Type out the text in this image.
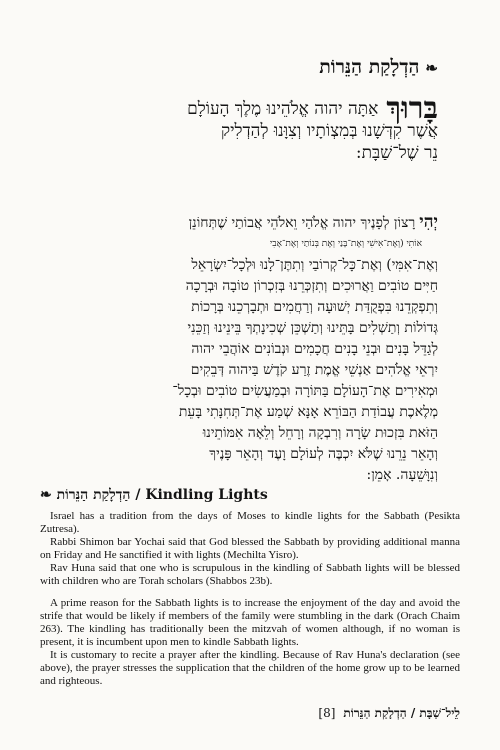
❧הַדְלָקַת הַנֵּרוֹת
בָּרוּךְאַתָּה יהוה אֱלֹהֵינוּ מֶלֶךְ הָעוֹלָם
אֲשֶׁר קִדְּשָׁנוּ בְּמִצְוֹתָיו וְצִוָּנוּ לְהַדְלִיק
נֵר שֶׁל־שַׁבָּת:
יְהִירָצוֹן לְפָנֶיךָ יהוה אֱלֹהַי וֵאלֹהֵי אֲבוֹתַי שֶׁתְּחוֹנֵן
אוֹתִי (וְאֶת־אִישִׁי וְאֶת־בָּנַי וְאֶת בְּנוֹתַי וְאֶת־אָבִי
וְאֶת־אִמִּי) וְאֶת־כָּל־קְרוֹבַי וְתִתֶּן־לָנוּ וּלְכָל־יִשְׂרָאֵל
חַיִּים טוֹבִים וַאֲרוּכִים וְתִזְכְּרֵנוּ בְּזִכְרוֹן טוֹבָה וּבְרָכָה
וְתִפְקְדֵנוּ בִּפְקֻדַּת יְשׁוּעָה וְרַחֲמִים וּתְבָרְכֵנוּ בְּרָכוֹת
גְּדוֹלוֹת וְתַשְׁלִים בָּתֵּינוּ וְתַשְׁכֵּן שְׁכִינָתְךָ בֵּינֵינוּ וְזַכֵּנִי
לְגַדֵּל בָּנִים וּבְנֵי בָנִים חֲכָמִים וּנְבוֹנִים אוֹהֲבֵי יהוה
יִרְאֵי אֱלֹהִים אַנְשֵׁי אֱמֶת זֶרַע קֹדֶשׁ בַּיהוה דְּבֵקִים
וּמְאִירִים אֶת־הָעוֹלָם בַּתּוֹרָה וּבְמַעֲשִׂים טוֹבִים וּבְכָל־
מְלֶאכֶת עֲבוֹדַת הַבּוֹרֵא אָנָּא שְׁמַע אֶת־תְּחִנָּתִי בָּעֵת
הַזֹּאת בִּזְכוּת שָׂרָה וְרִבְקָה וְרָחֵל וְלֵאָה אִמּוֹתֵינוּ
וְהָאֵר נֵרֵנוּ שֶׁלֹּא יִכְבֶּה לְעוֹלָם וָעֶד וְהָאֵר פָּנֶיךָ
וְנִוָּשֵׁעָה. אָמֵן:
❧ הַדְלָקַת הַנֵּרוֹת / Kindling Lights

Israel has a tradition from the days of Moses to kindle lights for the Sabbath (Pesikta Zutresa).

Rabbi Shimon bar Yochai said that God blessed the Sabbath by providing additional manna on Friday and He sanctified it with lights (Mechilta Yisro).

Rav Huna said that one who is scrupulous in the kindling of Sabbath lights will be blessed with children who are Torah scholars (Shabbos 23b).

A prime reason for the Sabbath lights is to increase the enjoyment of the day and avoid the strife that would be likely if members of the family were stumbling in the dark (Orach Chaim 263). The kindling has traditionally been the mitzvah of women although, if no woman is present, it is incumbent upon men to kindle Sabbath lights.

It is customary to recite a prayer after the kindling. Because of Rav Huna's declaration (see above), the prayer stresses the supplication that the children of the home grow up to be learned and righteous.

לֵיל־שַׁבָּת / הַדְלָקַת הַנֵּרוֹת[8]
